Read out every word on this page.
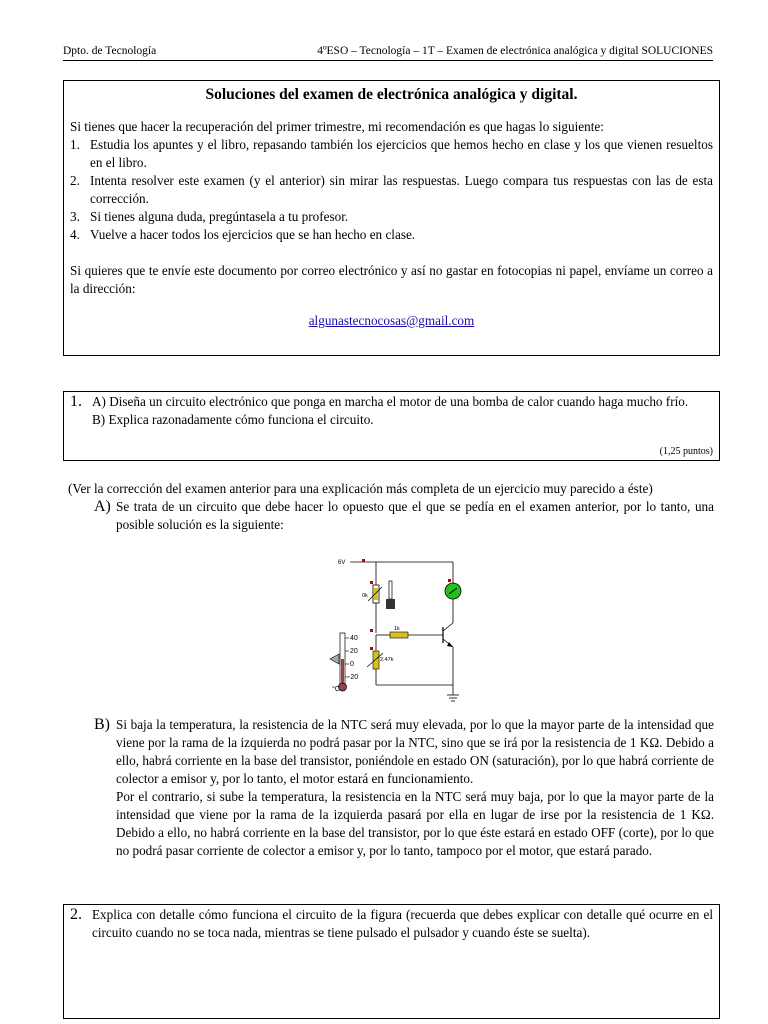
Dpto. de Tecnología	4ºESO – Tecnología – 1T – Examen de electrónica analógica y digital SOLUCIONES
Soluciones del examen de electrónica analógica y digital.

Si tienes que hacer la recuperación del primer trimestre, mi recomendación es que hagas lo siguiente:

1. Estudia los apuntes y el libro, repasando también los ejercicios que hemos hecho en clase y los que vienen resueltos en el libro.
2. Intenta resolver este examen (y el anterior) sin mirar las respuestas. Luego compara tus respuestas con las de esta corrección.
3. Si tienes alguna duda, pregúntasela a tu profesor.
4. Vuelve a hacer todos los ejercicios que se han hecho en clase.

Si quieres que te envíe este documento por correo electrónico y así no gastar en fotocopias ni papel, envíame un correo a la dirección:

algunastecnocosas@gmail.com
1. A) Diseña un circuito electrónico que ponga en marcha el motor de una bomba de calor cuando haga mucho frío.

B) Explica razonadamente cómo funciona el circuito.

(1,25 puntos)

(Ver la corrección del examen anterior para una explicación más completa de un ejercicio muy parecido a éste)

A) Se trata de un circuito que debe hacer lo opuesto que el que se pedía en el examen anterior, por lo tanto, una posible solución es la siguiente:

B) Si baja la temperatura, la resistencia de la NTC será muy elevada, por lo que la mayor parte de la intensidad que viene por la rama de la izquierda no podrá pasar por la NTC, sino que se irá por la resistencia de 1 KΩ. Debido a ello, habrá corriente en la base del transistor, poniéndole en estado ON (saturación), por lo que habrá corriente de colector a emisor y, por lo tanto, el motor estará en funcionamiento.

Por el contrario, si sube la temperatura, la resistencia en la NTC será muy baja, por lo que la mayor parte de la intensidad que viene por la rama de la izquierda pasará por ella en lugar de irse por la resistencia de 1 KΩ. Debido a ello, no habrá corriente en la base del transistor, por lo que éste estará en estado OFF (corte), por lo que no podrá pasar corriente de colector a emisor y, por lo tanto, tampoco por el motor, que estará parado.

6V
0k
1k
2.47k
40
20
0
-20
°C
2. Explica con detalle cómo funciona el circuito de la figura (recuerda que debes explicar con detalle qué ocurre en el circuito cuando no se toca nada, mientras se tiene pulsado el pulsador y cuando éste se suelta).
